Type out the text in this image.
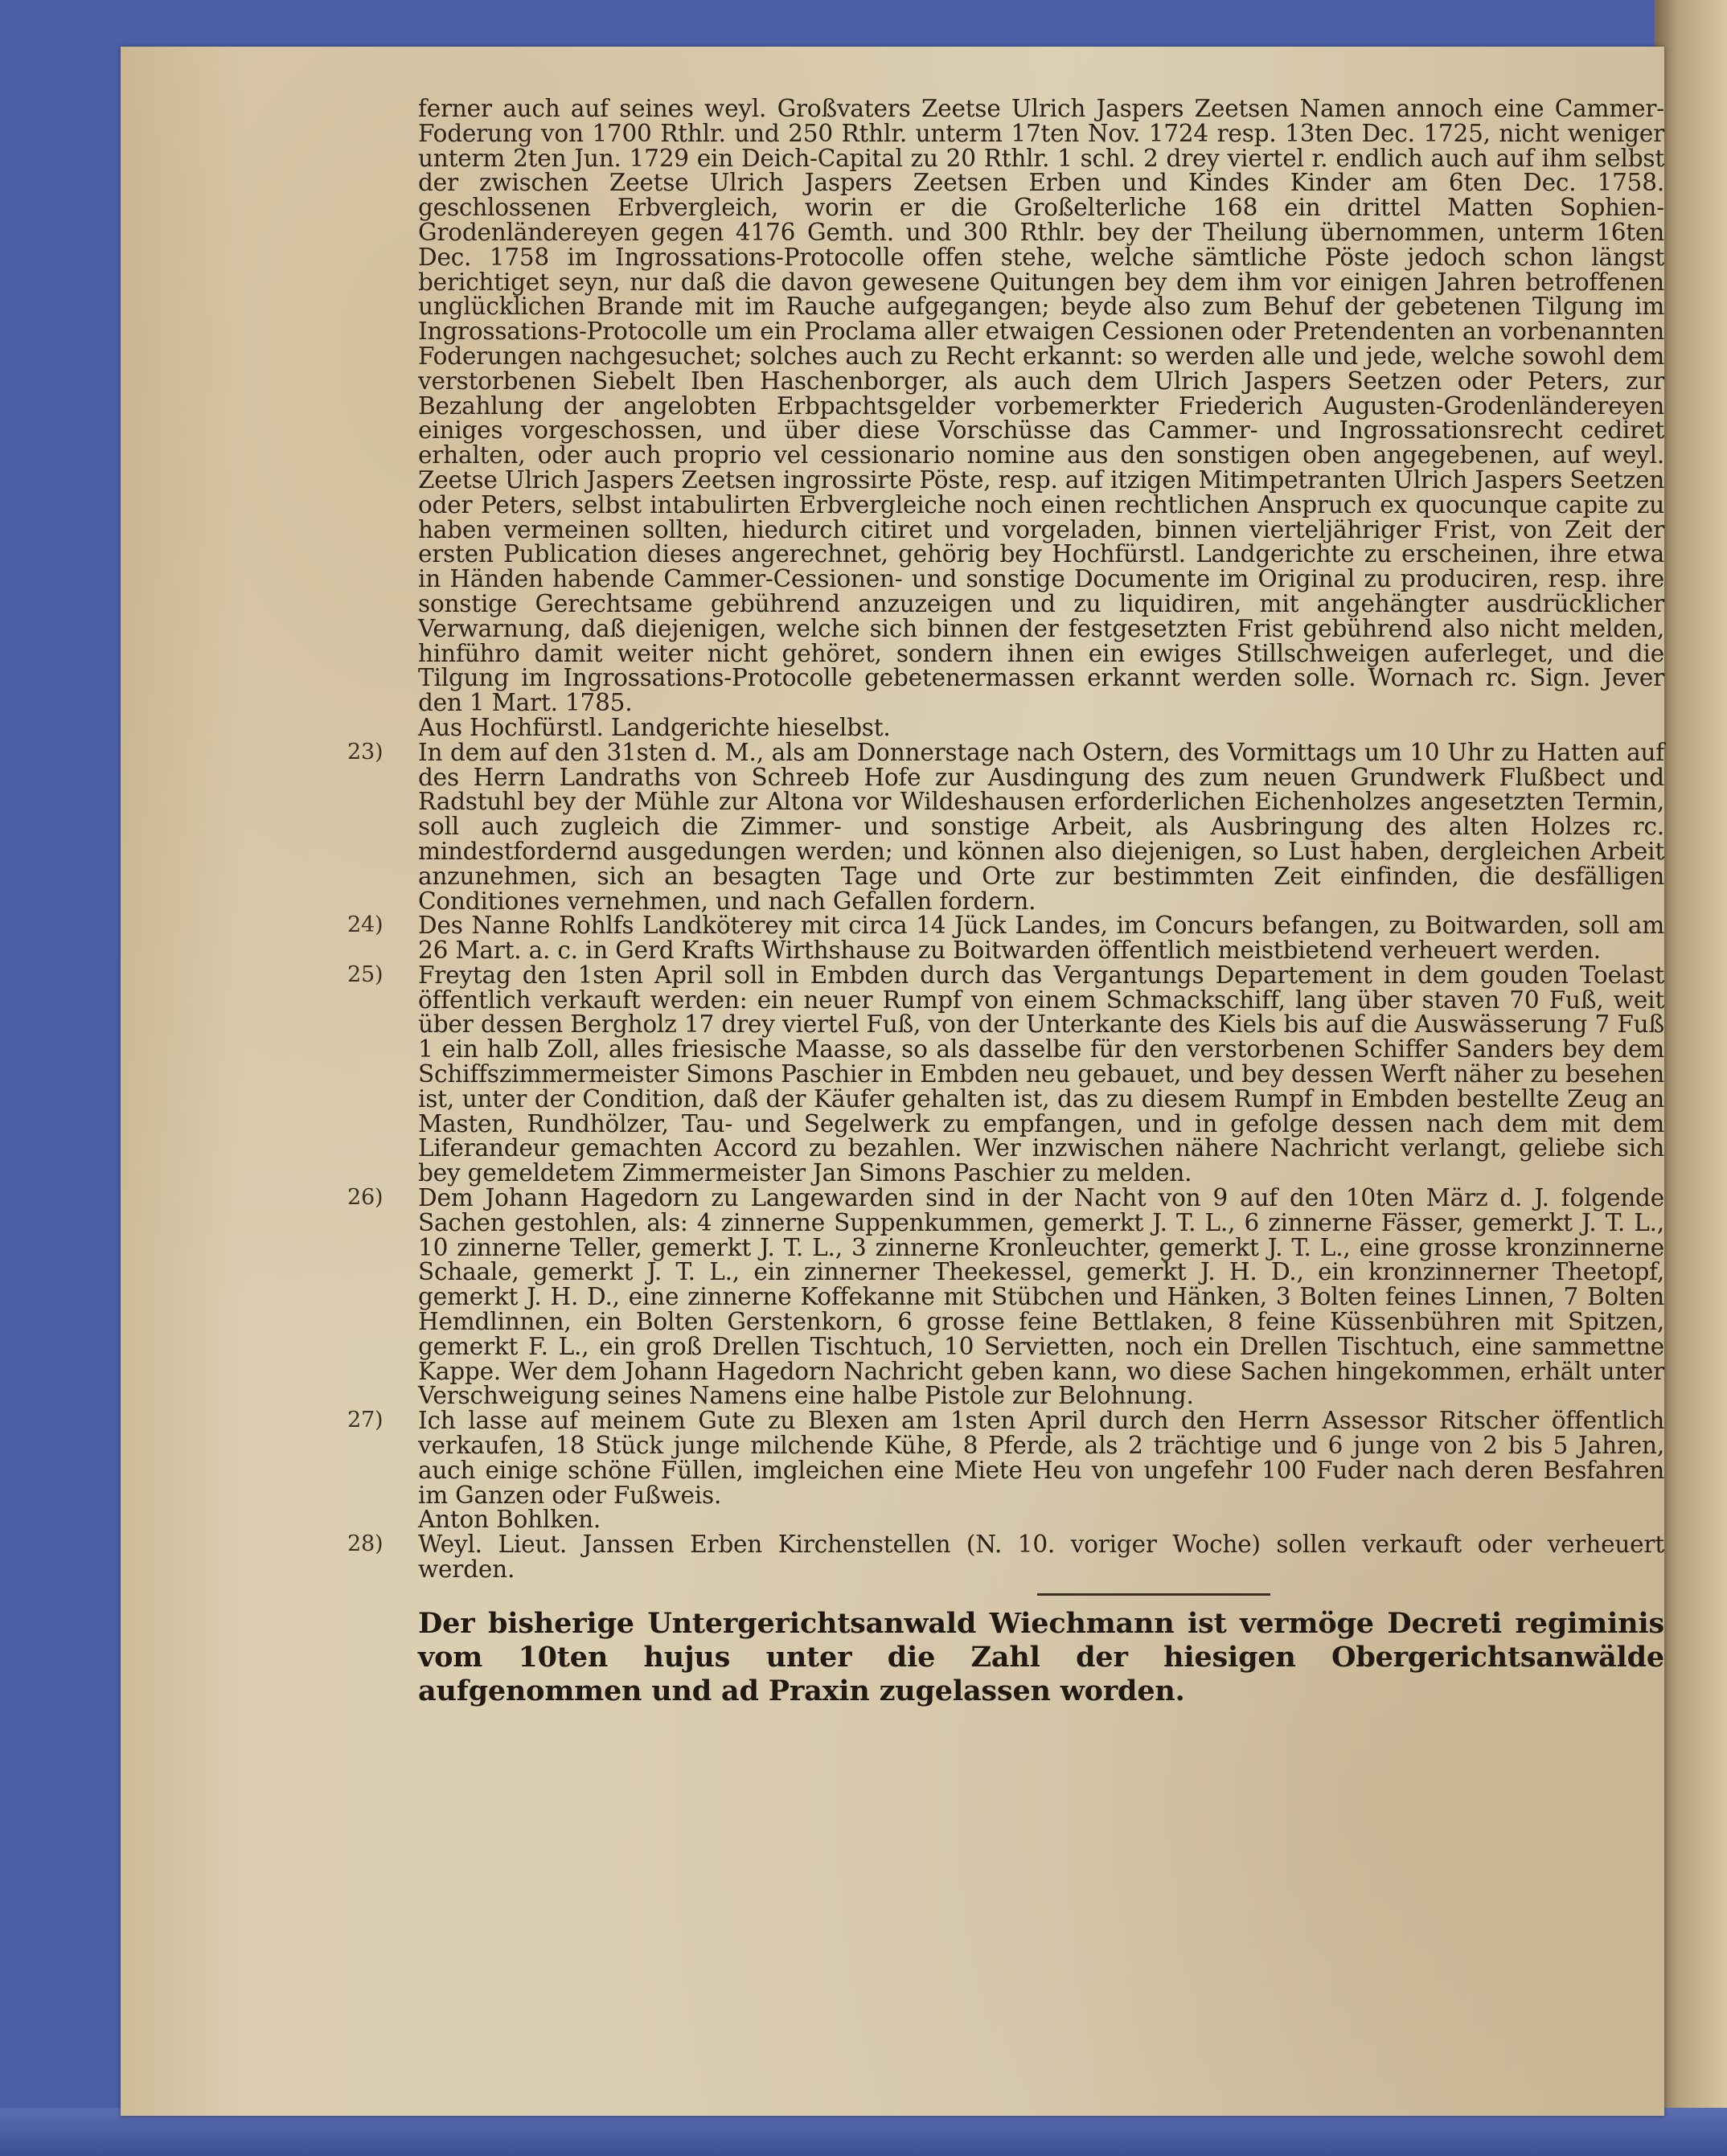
ferner auch auf seines weyl. Großvaters Zeetse Ulrich Jaspers Zeetsen Namen annoch eine Cammer-Foderung von 1700 Rthlr. und 250 Rthlr. unterm 17ten Nov. 1724 resp. 13ten Dec. 1725, nicht weniger unterm 2ten Jun. 1729 ein Deich-Capital zu 20 Rthlr. 1 schl. 2 drey viertel r. endlich auch auf ihm selbst der zwischen Zeetse Ulrich Jaspers Zeetsen Erben und Kindes Kinder am 6ten Dec. 1758. geschlossenen Erbvergleich, worin er die Großelterliche 168 ein drittel Matten Sophien-Grodenländereyen gegen 4176 Gemth. und 300 Rthlr. bey der Theilung übernommen, unterm 16ten Dec. 1758 im Ingrossations-Protocolle offen stehe, welche sämtliche Pöste jedoch schon längst berichtiget seyn, nur daß die davon gewesene Quitungen bey dem ihm vor einigen Jahren betroffenen unglücklichen Brande mit im Rauche aufgegangen; beyde also zum Behuf der gebetenen Tilgung im Ingrossations-Protocolle um ein Proclama aller etwaigen Cessionen oder Pretendenten an vorbenannten Foderungen nachgesuchet; solches auch zu Recht erkannt: so werden alle und jede, welche sowohl dem verstorbenen Siebelt Iben Haschenborger, als auch dem Ulrich Jaspers Seetzen oder Peters, zur Bezahlung der angelobten Erbpachtsgelder vorbemerkter Friederich Augusten-Grodenländereyen einiges vorgeschossen, und über diese Vorschüsse das Cammer- und Ingrossationsrecht cediret erhalten, oder auch proprio vel cessionario nomine aus den sonstigen oben angegebenen, auf weyl. Zeetse Ulrich Jaspers Zeetsen ingrossirte Pöste, resp. auf itzigen Mitimpetranten Ulrich Jaspers Seetzen oder Peters, selbst intabulirten Erbvergleiche noch einen rechtlichen Anspruch ex quocunque capite zu haben vermeinen sollten, hiedurch citiret und vorgeladen, binnen vierteljähriger Frist, von Zeit der ersten Publication dieses angerechnet, gehörig bey Hochfürstl. Landgerichte zu erscheinen, ihre etwa in Händen habende Cammer-Cessionen- und sonstige Documente im Original zu produciren, resp. ihre sonstige Gerechtsame gebührend anzuzeigen und zu liquidiren, mit angehängter ausdrücklicher Verwarnung, daß diejenigen, welche sich binnen der festgesetzten Frist gebührend also nicht melden, hinführo damit weiter nicht gehöret, sondern ihnen ein ewiges Stillschweigen auferleget, und die Tilgung im Ingrossations-Protocolle gebetenermassen erkannt werden solle. Wornach rc. Sign. Jever den 1 Mart. 1785.

Aus Hochfürstl. Landgerichte hieselbst.

23) In dem auf den 31sten d. M., als am Donnerstage nach Ostern, des Vormittags um 10 Uhr zu Hatten auf des Herrn Landraths von Schreeb Hofe zur Ausdingung des zum neuen Grundwerk Flußbect und Radstuhl bey der Mühle zur Altona vor Wildeshausen erforderlichen Eichenholzes angesetzten Termin, soll auch zugleich die Zimmer- und sonstige Arbeit, als Ausbringung des alten Holzes rc. mindestfordernd ausgedungen werden; und können also diejenigen, so Lust haben, dergleichen Arbeit anzunehmen, sich an besagten Tage und Orte zur bestimmten Zeit einfinden, die desfälligen Conditiones vernehmen, und nach Gefallen fordern.

24) Des Nanne Rohlfs Landköterey mit circa 14 Jück Landes, im Concurs befangen, zu Boitwarden, soll am 26 Mart. a. c. in Gerd Krafts Wirthshause zu Boitwarden öffentlich meistbietend verheuert werden.

25) Freytag den 1sten April soll in Embden durch das Vergantungs Departement in dem gouden Toelast öffentlich verkauft werden: ein neuer Rumpf von einem Schmackschiff, lang über staven 70 Fuß, weit über dessen Bergholz 17 drey viertel Fuß, von der Unterkante des Kiels bis auf die Auswässerung 7 Fuß 1 ein halb Zoll, alles friesische Maasse, so als dasselbe für den verstorbenen Schiffer Sanders bey dem Schiffszimmermeister Simons Paschier in Embden neu gebauet, und bey dessen Werft näher zu besehen ist, unter der Condition, daß der Käufer gehalten ist, das zu diesem Rumpf in Embden bestellte Zeug an Masten, Rundhölzer, Tau- und Segelwerk zu empfangen, und in gefolge dessen nach dem mit dem Liferandeur gemachten Accord zu bezahlen. Wer inzwischen nähere Nachricht verlangt, geliebe sich bey gemeldetem Zimmermeister Jan Simons Paschier zu melden.

26) Dem Johann Hagedorn zu Langewarden sind in der Nacht von 9 auf den 10ten März d. J. folgende Sachen gestohlen, als: 4 zinnerne Suppenkummen, gemerkt J. T. L., 6 zinnerne Fässer, gemerkt J. T. L., 10 zinnerne Teller, gemerkt J. T. L., 3 zinnerne Kronleuchter, gemerkt J. T. L., eine grosse kronzinnerne Schaale, gemerkt J. T. L., ein zinnerner Theekessel, gemerkt J. H. D., ein kronzinnerner Theetopf, gemerkt J. H. D., eine zinnerne Koffekanne mit Stübchen und Hänken, 3 Bolten feines Linnen, 7 Bolten Hemdlinnen, ein Bolten Gerstenkorn, 6 grosse feine Bettlaken, 8 feine Küssenbühren mit Spitzen, gemerkt F. L., ein groß Drellen Tischtuch, 10 Servietten, noch ein Drellen Tischtuch, eine sammettne Kappe. Wer dem Johann Hagedorn Nachricht geben kann, wo diese Sachen hingekommen, erhält unter Verschweigung seines Namens eine halbe Pistole zur Belohnung.

27) Ich lasse auf meinem Gute zu Blexen am 1sten April durch den Herrn Assessor Ritscher öffentlich verkaufen, 18 Stück junge milchende Kühe, 8 Pferde, als 2 trächtige und 6 junge von 2 bis 5 Jahren, auch einige schöne Füllen, imgleichen eine Miete Heu von ungefehr 100 Fuder nach deren Besfahren im Ganzen oder Fußweis.

Anton Bohlken.

28) Weyl. Lieut. Janssen Erben Kirchenstellen (N. 10. voriger Woche) sollen verkauft oder verheuert werden.

Der bisherige Untergerichtsanwald Wiechmann ist vermöge Decreti regiminis vom 10ten hujus unter die Zahl der hiesigen Obergerichtsanwälde aufgenommen und ad Praxin zugelassen worden.
